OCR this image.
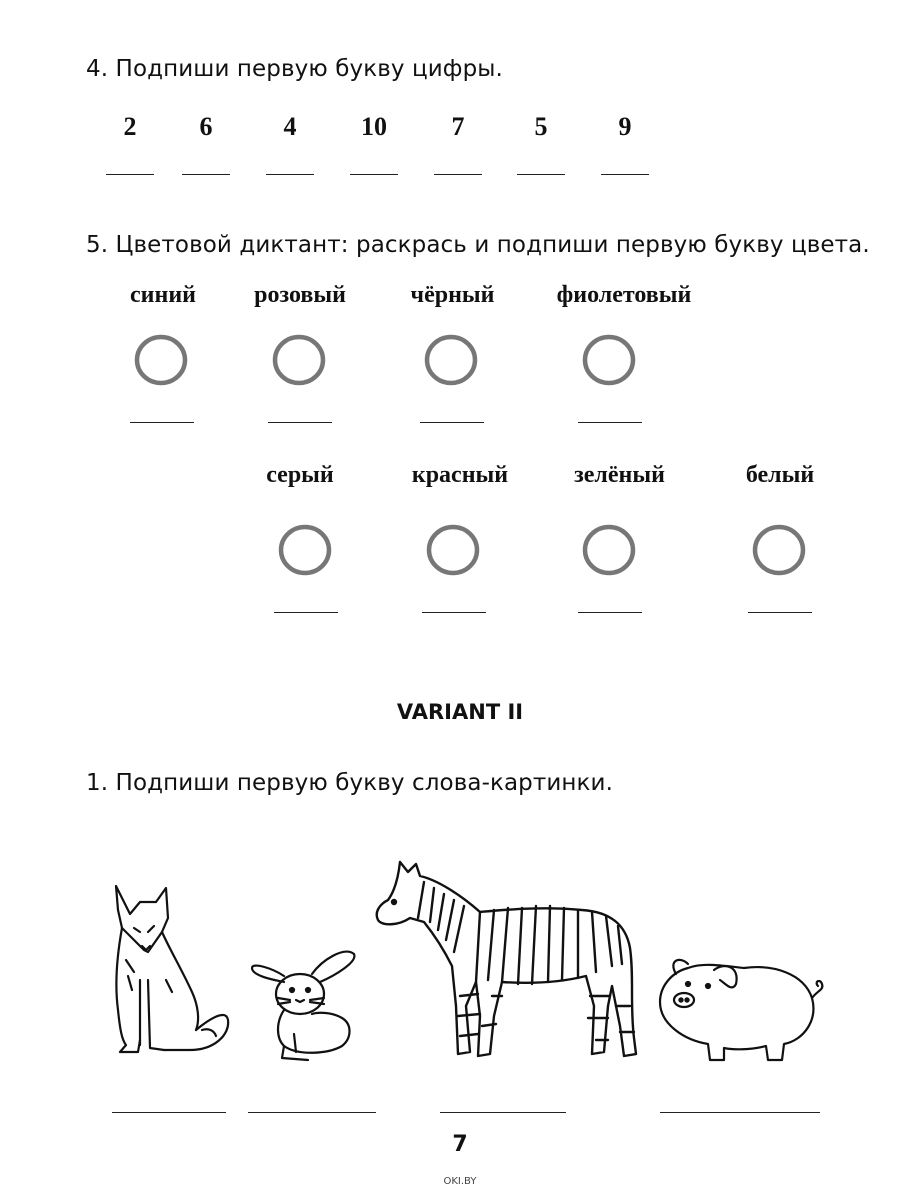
4. Подпиши первую букву цифры.
2	6	4	10	7	5	9
5. Цветовой диктант: раскрась и подпиши первую букву цвета.
синий	розовый	чёрный	фиолетовый
серый	красный	зелёный	белый
VARIANT II
1. Подпиши первую букву слова-картинки.
7
OKI.BY
